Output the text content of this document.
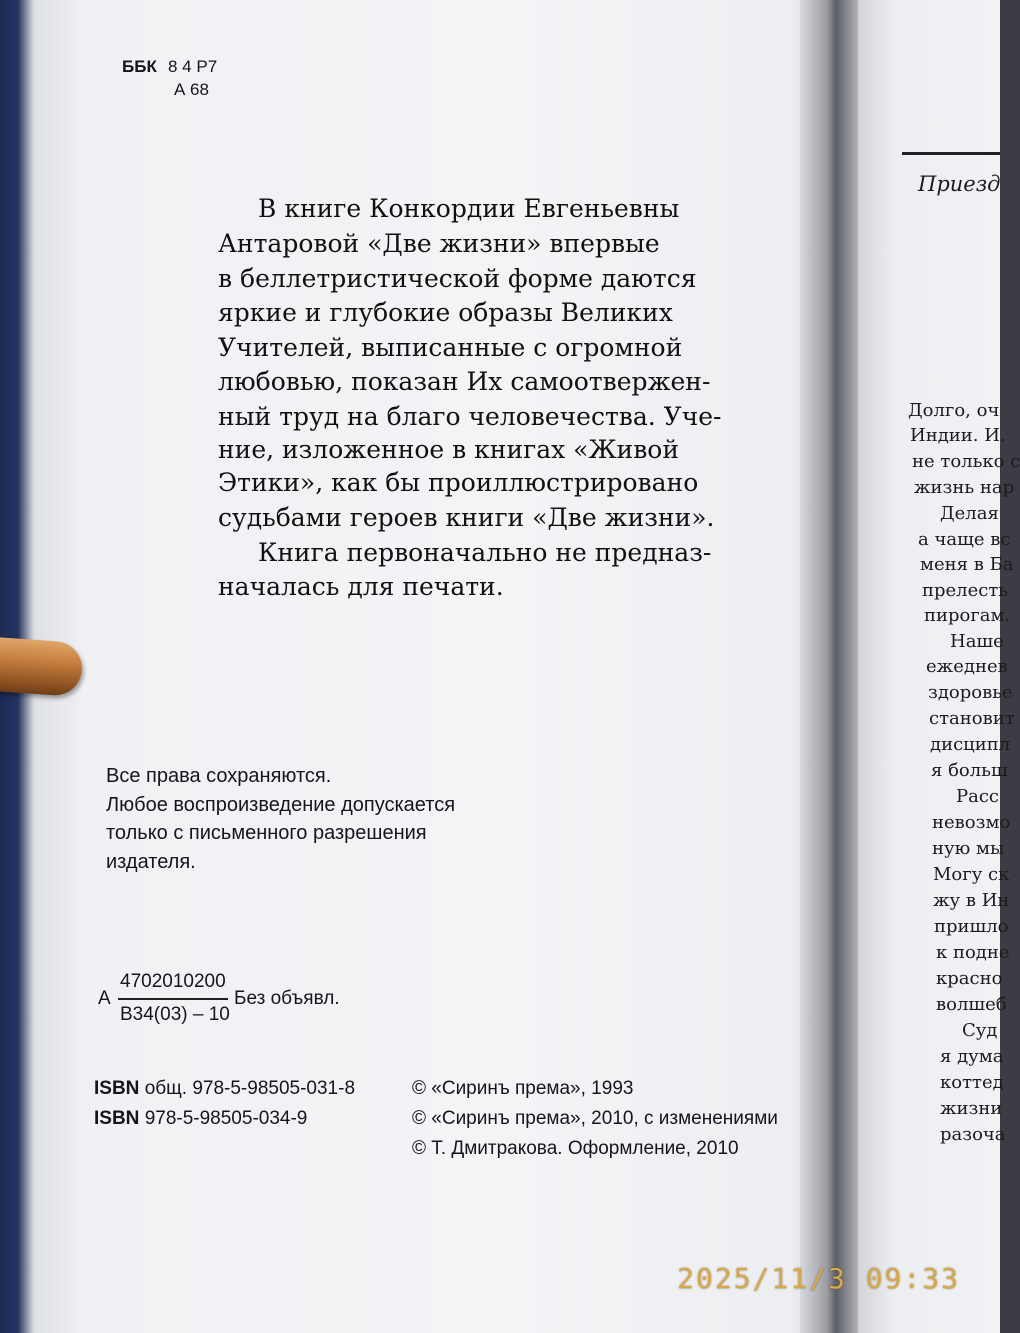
ББК 8 4 Р7
А 68
В книге Конкордии Евгеньевны
Антаровой «Две жизни» впервые
в беллетристической форме даются
яркие и глубокие образы Великих
Учителей, выписанные с огромной
любовью, показан Их самоотвержен-
ный труд на благо человечества. Уче-
ние, изложенное в книгах «Живой
Этики», как бы проиллюстрировано
судьбами героев книги «Две жизни».
Книга первоначально не предназ-
началась для печати.
Все права сохраняются.
Любое воспроизведение допускается
только с письменного разрешения
издателя.
А
4702010200
В34(03) – 10
Без объявл.
ISBN общ. 978-5-98505-031-8
ISBN 978-5-98505-034-9
© «Сиринъ према», 1993
© «Сиринъ према», 2010, с изменениями
© Т. Дмитракова. Оформление, 2010
Приезд
Долго, оч
Индии. И.
не только с
жизнь нар
Делая
а чаще вс
меня в Ба
прелесть
пирогам.
Наше
ежеднев
здоровье
становит
дисципл
я больш
Расс
невозмо
ную мы
Могу ск
жу в Ин
пришло
к подне
красно
волшеб
Суд
я дума
коттед
жизни
разоча
2025/11/3 09:33
